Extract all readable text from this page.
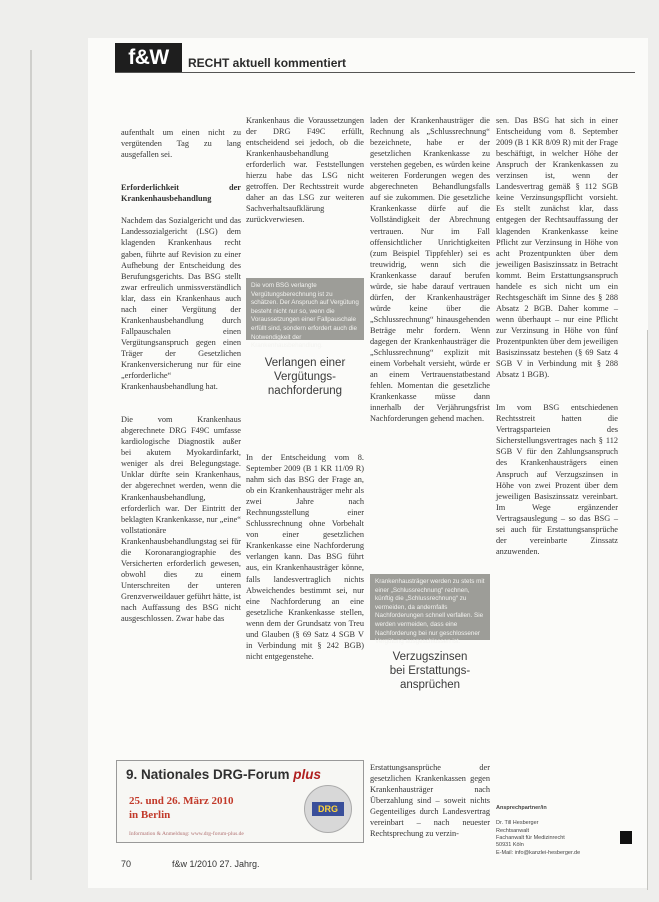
f&W	RECHT aktuell kommentiert

aufenthalt um einen nicht zu vergütenden Tag zu lang ausgefallen sei.

Erforderlichkeit der Krankenhausbehandlung

Nachdem das Sozialgericht und das Landessozialgericht (LSG) dem klagenden Krankenhaus recht gaben, führte auf Revision zu einer Aufhebung der Entscheidung des Berufungsgerichts. Das BSG stellt zwar erfreulich unmissverständlich klar, dass ein Krankenhaus auch nach einer Vergütung der Krankenhausbehandlung durch Fallpauschalen einen Vergütungsanspruch gegen einen Träger der Gesetzlichen Krankenversicherung nur für eine „erforderliche“ Krankenhausbehandlung hat.

Die vom Krankenhaus abgerechnete DRG F49C umfasse kardiologische Diagnostik außer bei akutem Myokardinfarkt, weniger als drei Belegungstage. Unklar dürfte sein Krankenhaus, der abgerechnet werden, wenn die Krankenhausbehandlung, erforderlich war. Der Eintritt der beklagten Krankenkasse, nur „eine“ vollstationäre Krankenhausbehandlungstag sei für die Koronarangiographie des Versicherten erforderlich gewesen, obwohl dies zu einem Unterschreiten der unteren Grenzverweildauer geführt hätte, ist nach Auffassung des BSG nicht ausgeschlossen. Zwar habe das

Krankenhaus die Voraussetzungen der DRG F49C erfüllt, entscheidend sei jedoch, ob die Krankenhausbehandlung erforderlich war. Feststellungen hierzu habe das LSG nicht getroffen. Der Rechtsstreit wurde daher an das LSG zur weiteren Sachverhaltsaufklärung zurückverwiesen.

Die vom BSG verlangte Vergütungsberechnung ist zu schätzen. Der Anspruch auf Vergütung besteht nicht nur so, wenn die Voraussetzungen einer Fallpauschale erfüllt sind, sondern erfordert auch die Notwendigkeit der Krankenhausbehandlung.
Verlangen einer
Vergütungs-
nachforderung
In der Entscheidung vom 8. September 2009 (B 1 KR 11/09 R) nahm sich das BSG der Frage an, ob ein Krankenhausträger mehr als zwei Jahre nach Rechnungsstellung einer Schlussrechnung ohne Vorbehalt von einer gesetzlichen Krankenkasse eine Nachforderung verlangen kann. Das BSG führt aus, ein Krankenhausträger könne, falls landesvertraglich nichts Abweichendes bestimmt sei, nur eine Nachforderung an eine gesetzliche Krankenkasse stellen, wenn dem der Grundsatz von Treu und Glauben (§ 69 Satz 4 SGB V in Verbindung mit § 242 BGB) nicht entgegenstehe.

laden der Krankenhausträger die Rechnung als „Schlussrechnung“ bezeichnete, habe er der gesetzlichen Krankenkasse zu verstehen gegeben, es würden keine weiteren Forderungen wegen des abgerechneten Behandlungsfalls auf sie zukommen. Die gesetzliche Krankenkasse dürfe auf die Vollständigkeit der Abrechnung vertrauen. Nur im Fall offensichtlicher Unrichtigkeiten (zum Beispiel Tippfehler) sei es treuwidrig, wenn sich die Krankenkasse darauf berufen würde, sie habe darauf vertrauen dürfen, der Krankenhausträger würde keine über die „Schlussrechnung“ hinausgehenden Beträge mehr fordern. Wenn dagegen der Krankenhausträger die „Schlussrechnung“ explizit mit einem Vorbehalt versieht, würde er an einem Vertrauenstatbestand fehlen. Momentan die gesetzliche Krankenkasse müsse dann innerhalb der Verjährungsfrist Nachforderungen gehend machen.

Krankenhausträger werden zu stets mit einer „Schlussrechnung“ rechnen, künftig die „Schlussrechnung“ zu vermeiden, da andernfalls Nachforderungen schnell verfallen. Sie werden vermeiden, dass eine Nachforderung bei nur geschlossener Vergütung ausgeschlossen ist.
Verzugszinsen
bei Erstattungs-
ansprüchen
Erstattungsansprüche der gesetzlichen Krankenkassen gegen Krankenhausträger nach Überzahlung sind – soweit nichts Gegenteiliges durch Landesvertrag vereinbart – nach neuester Rechtsprechung zu verzin-

sen. Das BSG hat sich in einer Entscheidung vom 8. September 2009 (B 1 KR 8/09 R) mit der Frage beschäftigt, in welcher Höhe der Anspruch der Krankenkassen zu verzinsen ist, wenn der Landesvertrag gemäß § 112 SGB keine Verzinsungspflicht vorsieht. Es stellt zunächst klar, dass entgegen der Rechtsauffassung der klagenden Krankenkasse keine Pflicht zur Verzinsung in Höhe von acht Prozentpunkten über dem jeweiligen Basiszinssatz in Betracht kommt. Beim Erstattungsanspruch handele es sich nicht um ein Rechtsgeschäft im Sinne des § 288 Absatz 2 BGB. Daher komme – wenn überhaupt – nur eine Pflicht zur Verzinsung in Höhe von fünf Prozentpunkten über dem jeweiligen Basiszinssatz bestehen (§ 69 Satz 4 SGB V in Verbindung mit § 288 Absatz 1 BGB).

Im vom BSG entschiedenen Rechtsstreit hatten die Vertragsparteien des Sicherstellungsvertrages nach § 112 SGB V für den Zahlungsanspruch des Krankenhausträgers einen Anspruch auf Verzugszinsen in Höhe von zwei Prozent über dem jeweiligen Basiszinssatz vereinbart. Im Wege ergänzender Vertragsauslegung – so das BSG – sei auch für Erstattungsansprüche der vereinbarte Zinssatz anzuwenden.

9. Nationales DRG-Forum plus
25. und 26. März 2010
in Berlin
Information & Anmeldung: www.drg-forum-plus.de
DRG	Ansprechpartner/in

Dr. Till Hesberger
Rechtsanwalt
Fachanwalt für Medizinrecht
50931 Köln
E-Mail: info@kanzlei-hesberger.de

70	f&w 1/2010 27. Jahrg.
